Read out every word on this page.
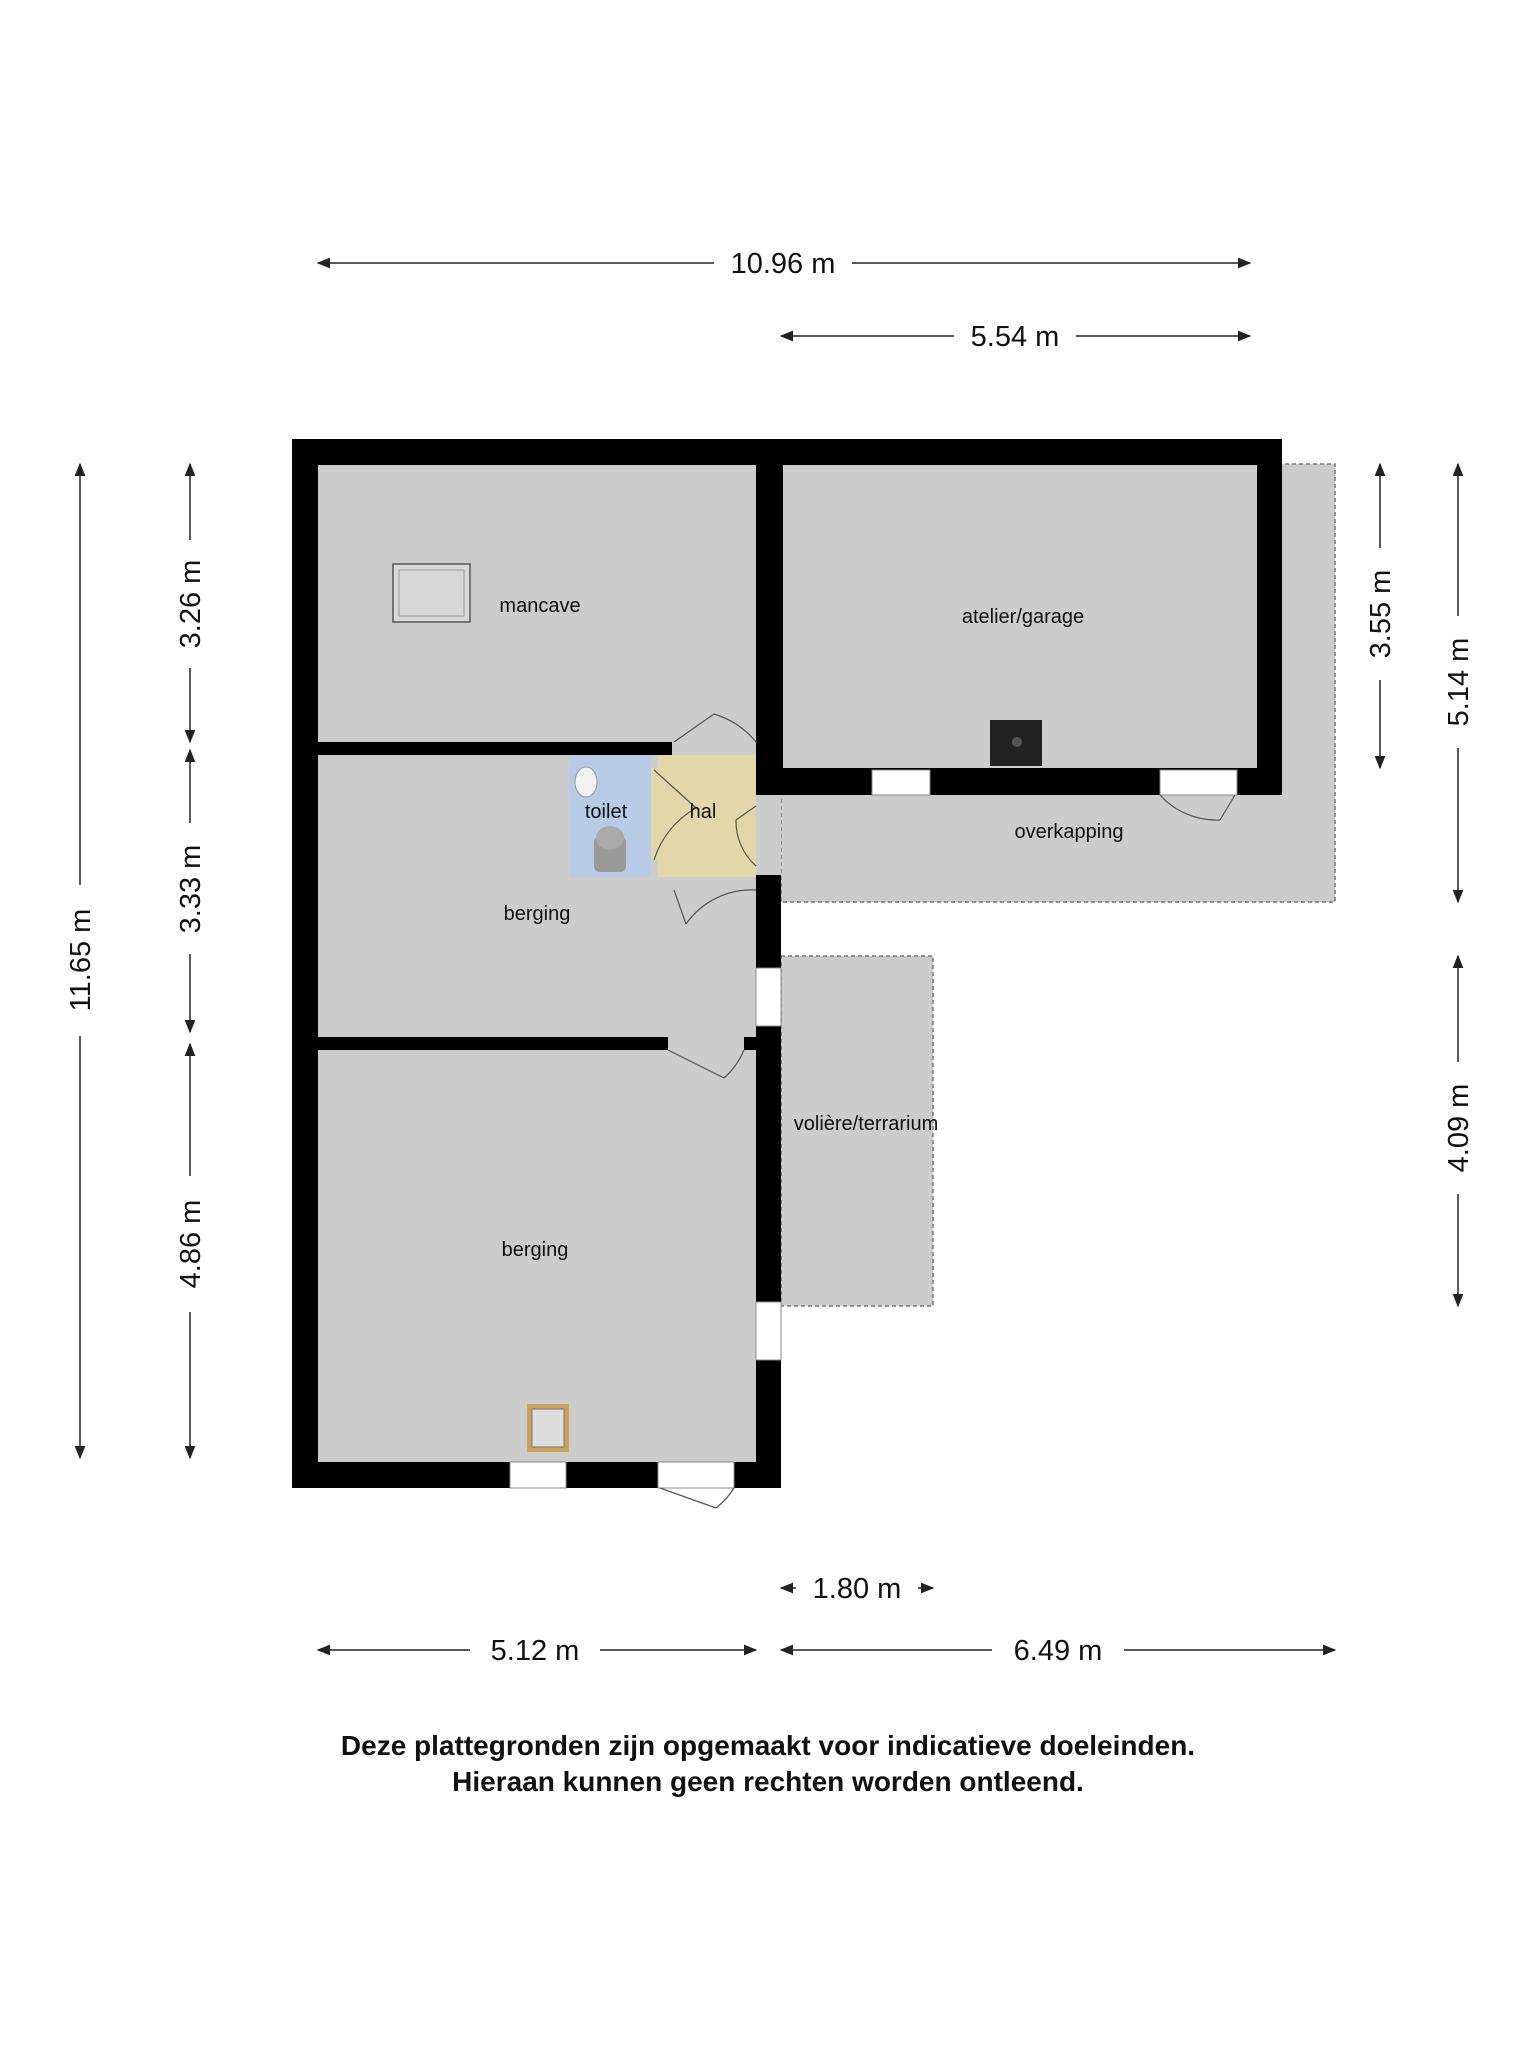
mancave	atelier/garage
toilet	hal
overkapping
berging
volière/terrarium
berging
10.96 m
5.54 m
11.65 m
3.26 m
3.33 m
4.86 m
3.55 m
5.14 m
4.09 m
1.80 m
5.12 m	6.49 m
Deze plattegronden zijn opgemaakt voor indicatieve doeleinden.
Hieraan kunnen geen rechten worden ontleend.
